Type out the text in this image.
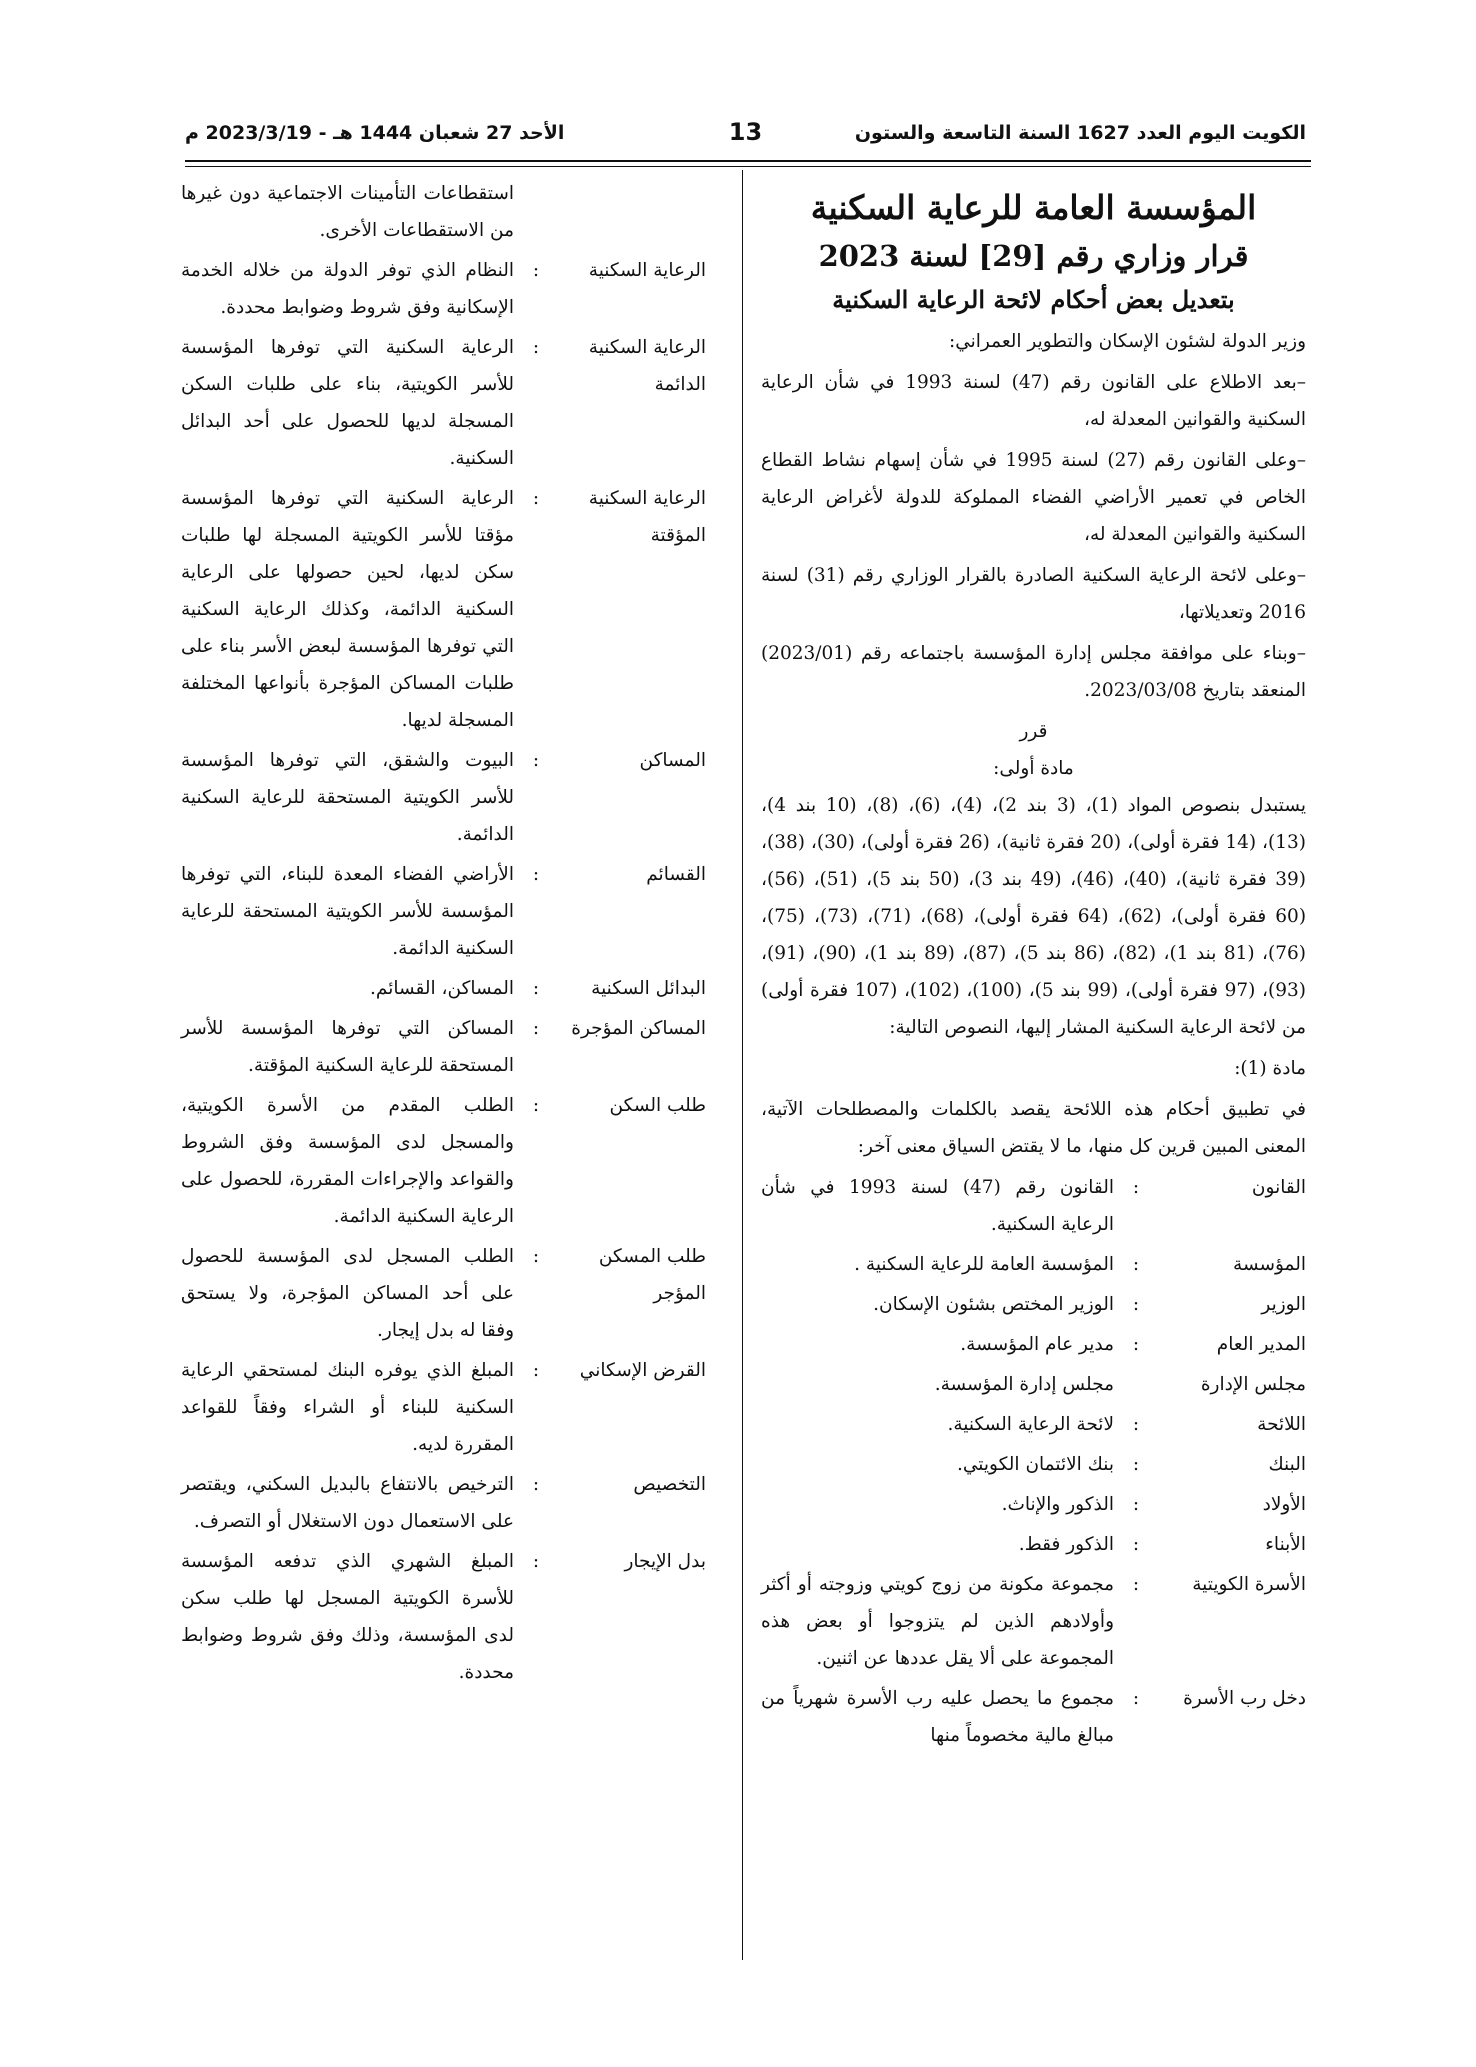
الكويت اليوم العدد 1627 السنة التاسعة والستون
13
الأحد 27 شعبان 1444 هـ - 2023/3/19 م
المؤسسة العامة للرعاية السكنية
قرار وزاري رقم [29] لسنة 2023
بتعديل بعض أحكام لائحة الرعاية السكنية

وزير الدولة لشئون الإسكان والتطوير العمراني:

–بعد الاطلاع على القانون رقم (47) لسنة 1993 في شأن الرعاية السكنية والقوانين المعدلة له،

–وعلى القانون رقم (27) لسنة 1995 في شأن إسهام نشاط القطاع الخاص في تعمير الأراضي الفضاء المملوكة للدولة لأغراض الرعاية السكنية والقوانين المعدلة له،

–وعلى لائحة الرعاية السكنية الصادرة بالقرار الوزاري رقم (31) لسنة 2016 وتعديلاتها،

–وبناء على موافقة مجلس إدارة المؤسسة باجتماعه رقم (2023/01) المنعقد بتاريخ 2023/03/08.

قرر

مادة أولى:

يستبدل بنصوص المواد (1)، (3 بند 2)، (4)، (6)، (8)، (10 بند 4)، (13)، (14 فقرة أولى)، (20 فقرة ثانية)، (26 فقرة أولى)، (30)، (38)، (39 فقرة ثانية)، (40)، (46)، (49 بند 3)، (50 بند 5)، (51)، (56)، (60 فقرة أولى)، (62)، (64 فقرة أولى)، (68)، (71)، (73)، (75)، (76)، (81 بند 1)، (82)، (86 بند 5)، (87)، (89 بند 1)، (90)، (91)، (93)، (97 فقرة أولى)، (99 بند 5)، (100)، (102)، (107 فقرة أولى) من لائحة الرعاية السكنية المشار إليها، النصوص التالية:

مادة (1):

في تطبيق أحكام هذه اللائحة يقصد بالكلمات والمصطلحات الآتية، المعنى المبين قرين كل منها، ما لا يقتض السياق معنى آخر:

القانون
:
القانون رقم (47) لسنة 1993 في شأن الرعاية السكنية.
المؤسسة
:
المؤسسة العامة للرعاية السكنية .
الوزير
:
الوزير المختص بشئون الإسكان.
المدير العام
:
مدير عام المؤسسة.
مجلس الإدارة
مجلس إدارة المؤسسة.
اللائحة
:
لائحة الرعاية السكنية.
البنك
:
بنك الائتمان الكويتي.
الأولاد
:
الذكور والإناث.
الأبناء
:
الذكور فقط.
الأسرة الكويتية
:
مجموعة مكونة من زوج كويتي وزوجته أو أكثر وأولادهم الذين لم يتزوجوا أو بعض هذه المجموعة على ألا يقل عددها عن اثنين.
دخل رب الأسرة
:
مجموع ما يحصل عليه رب الأسرة شهرياً من مبالغ مالية مخصوماً منها

استقطاعات التأمينات الاجتماعية دون غيرها من الاستقطاعات الأخرى.

الرعاية السكنية
:
النظام الذي توفر الدولة من خلاله الخدمة الإسكانية وفق شروط وضوابط محددة.
الرعاية السكنية الدائمة
:
الرعاية السكنية التي توفرها المؤسسة للأسر الكويتية، بناء على طلبات السكن المسجلة لديها للحصول على أحد البدائل السكنية.
الرعاية السكنية المؤقتة
:
الرعاية السكنية التي توفرها المؤسسة مؤقتا للأسر الكويتية المسجلة لها طلبات سكن لديها، لحين حصولها على الرعاية السكنية الدائمة، وكذلك الرعاية السكنية التي توفرها المؤسسة لبعض الأسر بناء على طلبات المساكن المؤجرة بأنواعها المختلفة المسجلة لديها.
المساكن
:
البيوت والشقق، التي توفرها المؤسسة للأسر الكويتية المستحقة للرعاية السكنية الدائمة.
القسائم
:
الأراضي الفضاء المعدة للبناء، التي توفرها المؤسسة للأسر الكويتية المستحقة للرعاية السكنية الدائمة.
البدائل السكنية
:
المساكن، القسائم.
المساكن المؤجرة
:
المساكن التي توفرها المؤسسة للأسر المستحقة للرعاية السكنية المؤقتة.
طلب السكن
:
الطلب المقدم من الأسرة الكويتية، والمسجل لدى المؤسسة وفق الشروط والقواعد والإجراءات المقررة، للحصول على الرعاية السكنية الدائمة.
طلب المسكن المؤجر
:
الطلب المسجل لدى المؤسسة للحصول على أحد المساكن المؤجرة، ولا يستحق وفقا له بدل إيجار.
القرض الإسكاني
:
المبلغ الذي يوفره البنك لمستحقي الرعاية السكنية للبناء أو الشراء وفقاً للقواعد المقررة لديه.
التخصيص
:
الترخيص بالانتفاع بالبديل السكني، ويقتصر على الاستعمال دون الاستغلال أو التصرف.
بدل الإيجار
:
المبلغ الشهري الذي تدفعه المؤسسة للأسرة الكويتية المسجل لها طلب سكن لدى المؤسسة، وذلك وفق شروط وضوابط محددة.
